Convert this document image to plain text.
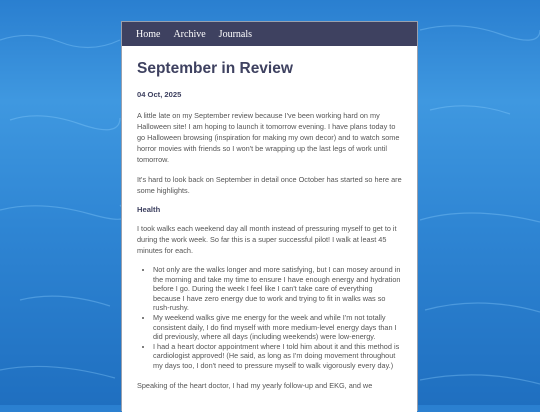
Home Archive Journals
September in Review
04 Oct, 2025

A little late on my September review because I've been working hard on my Halloween site! I am hoping to launch it tomorrow evening. I have plans today to go Halloween browsing (inspiration for making my own decor) and to watch some horror movies with friends so I won't be wrapping up the last legs of work until tomorrow.

It's hard to look back on September in detail once October has started so here are some highlights.

Health

I took walks each weekend day all month instead of pressuring myself to get to it during the work week. So far this is a super successful pilot! I walk at least 45 minutes for each.

• Not only are the walks longer and more satisfying, but I can mosey around in the morning and take my time to ensure I have enough energy and hydration before I go. During the week I feel like I can't take care of everything because I have zero energy due to work and trying to fit in walks was so rush-rushy.
• My weekend walks give me energy for the week and while I'm not totally consistent daily, I do find myself with more medium-level energy days than I did previously, where all days (including weekends) were low-energy.
• I had a heart doctor appointment where I told him about it and this method is cardiologist approved! (He said, as long as I'm doing movement throughout my days too, I don't need to pressure myself to walk vigorously every day.)

Speaking of the heart doctor, I had my yearly follow-up and EKG, and we
